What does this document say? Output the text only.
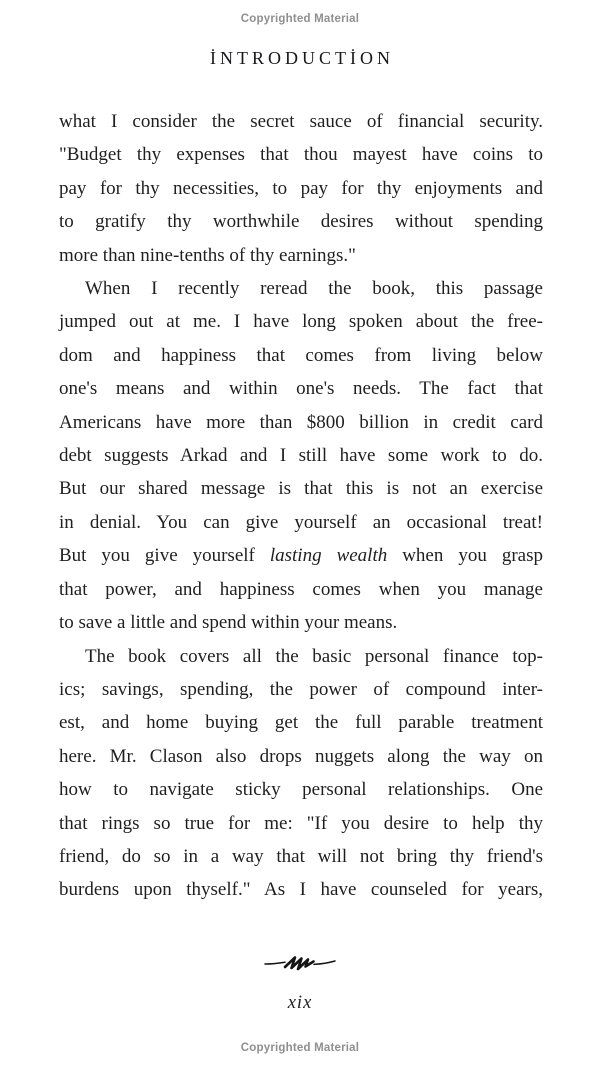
Copyrighted Material
İNTRODUCTİON
what I consider the secret sauce of financial security.
"Budget thy expenses that thou mayest have coins to
pay for thy necessities, to pay for thy enjoyments and
to gratify thy worthwhile desires without spending
more than nine-tenths of thy earnings."
When I recently reread the book, this passage
jumped out at me. I have long spoken about the free-
dom and happiness that comes from living below
one's means and within one's needs. The fact that
Americans have more than $800 billion in credit card
debt suggests Arkad and I still have some work to do.
But our shared message is that this is not an exercise
in denial. You can give yourself an occasional treat!
But you give yourself lasting wealth when you grasp
that power, and happiness comes when you manage
to save a little and spend within your means.
The book covers all the basic personal finance top-
ics; savings, spending, the power of compound inter-
est, and home buying get the full parable treatment
here. Mr. Clason also drops nuggets along the way on
how to navigate sticky personal relationships. One
that rings so true for me: "If you desire to help thy
friend, do so in a way that will not bring thy friend's
burdens upon thyself." As I have counseled for years,
xix
Copyrighted Material
